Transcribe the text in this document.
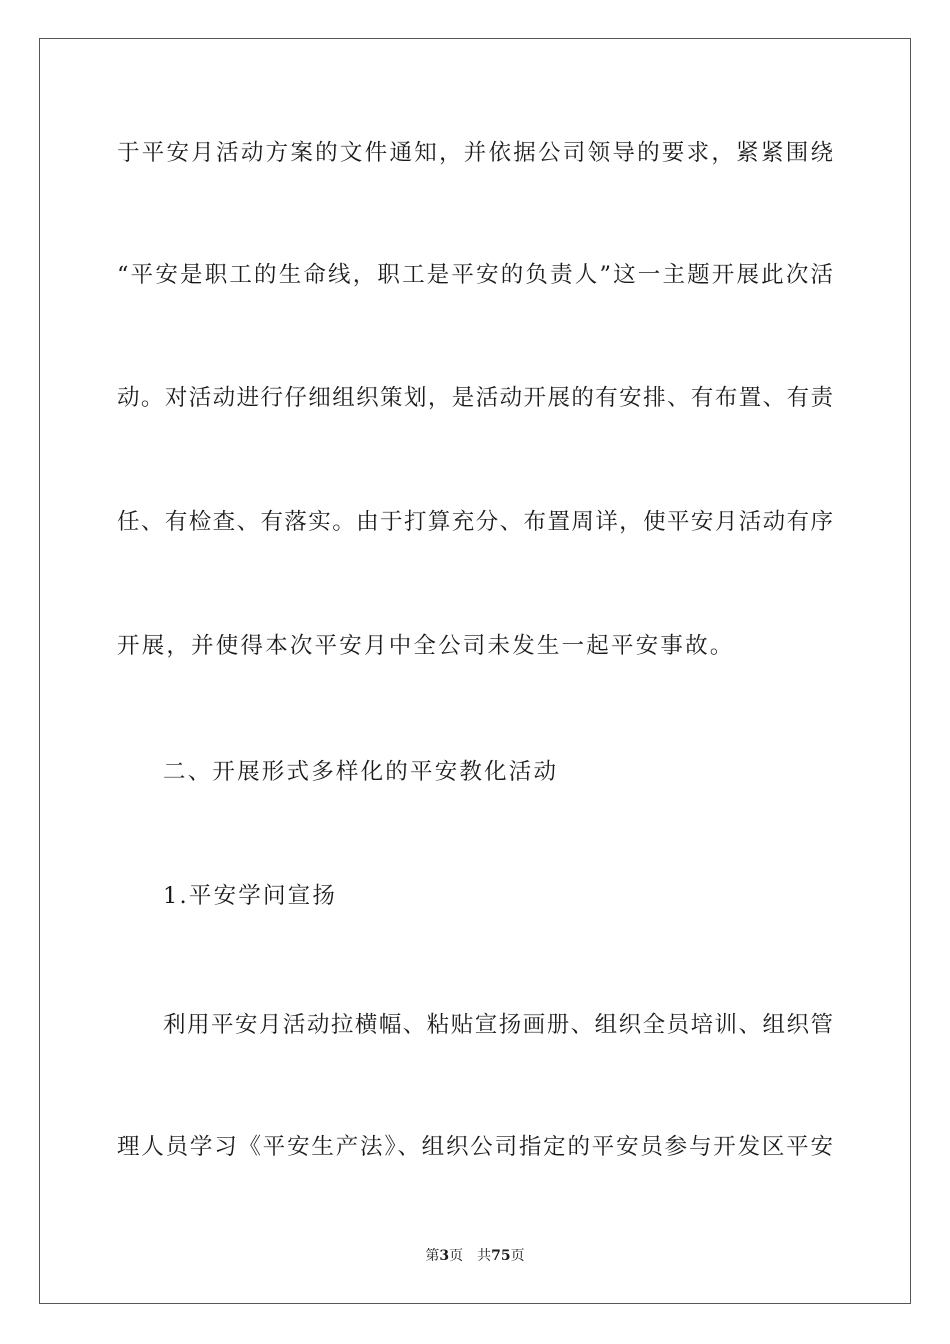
于平安月活动方案的文件通知，并依据公司领导的要求，紧紧围绕
“平安是职工的生命线，职工是平安的负责人”这一主题开展此次活
动。对活动进行仔细组织策划，是活动开展的有安排、有布置、有责
任、有检查、有落实。由于打算充分、布置周详，使平安月活动有序
开展，并使得本次平安月中全公司未发生一起平安事故。
二、开展形式多样化的平安教化活动
1.平安学问宣扬
利用平安月活动拉横幅、粘贴宣扬画册、组织全员培训、组织管
理人员学习《平安生产法》、组织公司指定的平安员参与开发区平安
第3页 共75页
